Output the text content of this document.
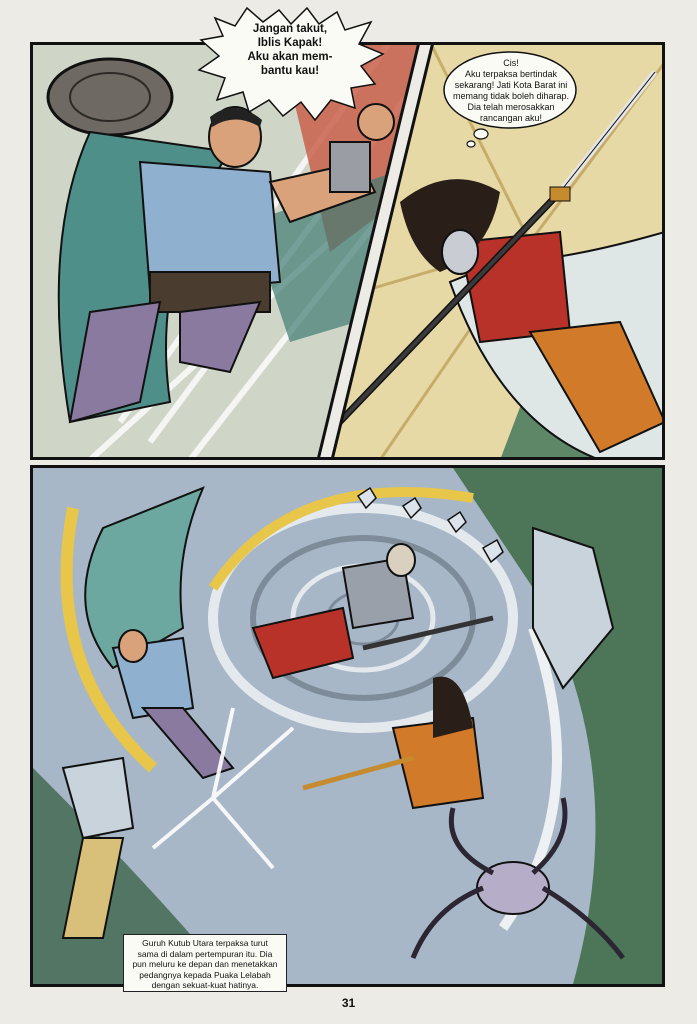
Jangan takut,
Iblis Kapak!
Aku akan mem-
bantu kau!
Cis!
Aku terpaksa bertindak
sekarang! Jati Kota Barat ini
memang tidak boleh diharap.
Dia telah merosakkan
rancangan aku!
Guruh Kutub Utara terpaksa turut
sama di dalam pertempuran itu. Dia
pun meluru ke depan dan menetakkan
pedangnya kepada Puaka Lelabah
dengan sekuat-kuat hatinya.
31
